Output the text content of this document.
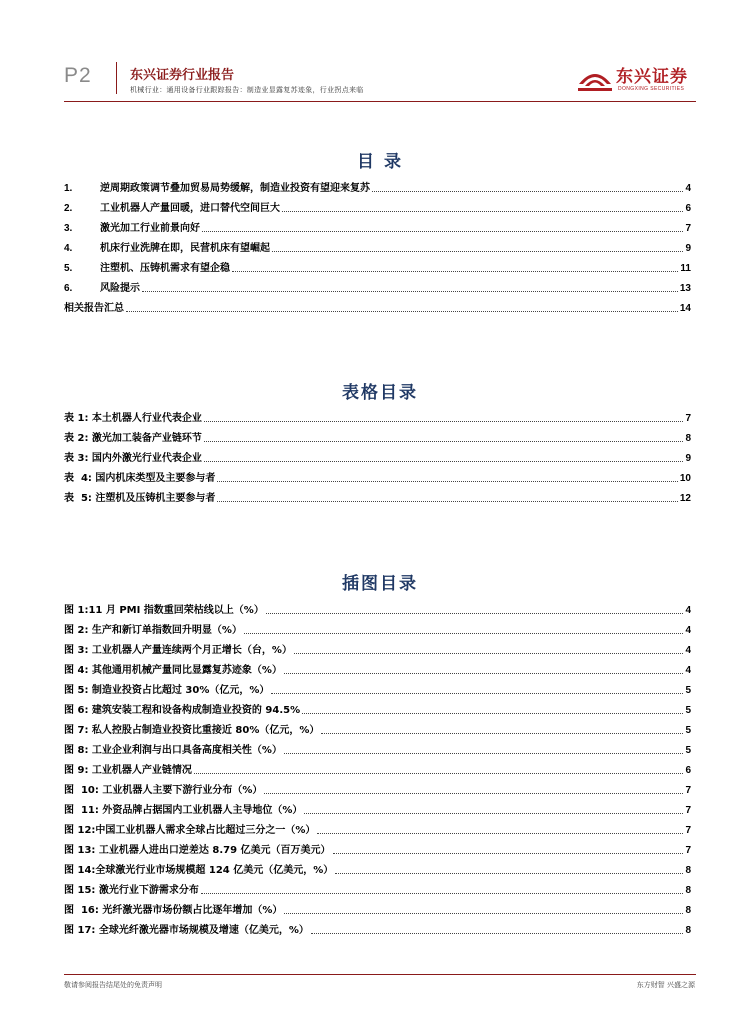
P2	东兴证券行业报告
机械行业：通用设备行业跟踪报告：制造业显露复苏迹象，行业拐点来临
东兴证券
DONGXING SECURITIES
目 录
1.	逆周期政策调节叠加贸易局势缓解，制造业投资有望迎来复苏	4
2.	工业机器人产量回暖，进口替代空间巨大	6
3.	激光加工行业前景向好	7
4.	机床行业洗牌在即，民营机床有望崛起	9
5.	注塑机、压铸机需求有望企稳	11
6.	风险提示	13
相关报告汇总	14
表格目录
表 1: 本土机器人行业代表企业	7
表 2: 激光加工装备产业链环节	8
表 3: 国内外激光行业代表企业	9
表  4: 国内机床类型及主要参与者	10
表  5: 注塑机及压铸机主要参与者	12
插图目录
图 1:11 月 PMI 指数重回荣枯线以上（%）	4
图 2: 生产和新订单指数回升明显（%）	4
图 3: 工业机器人产量连续两个月正增长（台，%）	4
图 4: 其他通用机械产量同比显露复苏迹象（%）	4
图 5: 制造业投资占比超过 30%（亿元，%）	5
图 6: 建筑安装工程和设备构成制造业投资的 94.5%	5
图 7: 私人控股占制造业投资比重接近 80%（亿元，%）	5
图 8: 工业企业利润与出口具备高度相关性（%）	5
图 9: 工业机器人产业链情况	6
图  10: 工业机器人主要下游行业分布（%）	7
图  11: 外资品牌占据国内工业机器人主导地位（%）	7
图 12:中国工业机器人需求全球占比超过三分之一（%）	7
图 13: 工业机器人进出口逆差达 8.79 亿美元（百万美元）	7
图 14:全球激光行业市场规模超 124 亿美元（亿美元，%）	8
图 15: 激光行业下游需求分布	8
图  16: 光纤激光器市场份额占比逐年增加（%）	8
图 17: 全球光纤激光器市场规模及增速（亿美元，%）	8
敬请参阅报告结尾处的免责声明	东方财智 兴盛之源
